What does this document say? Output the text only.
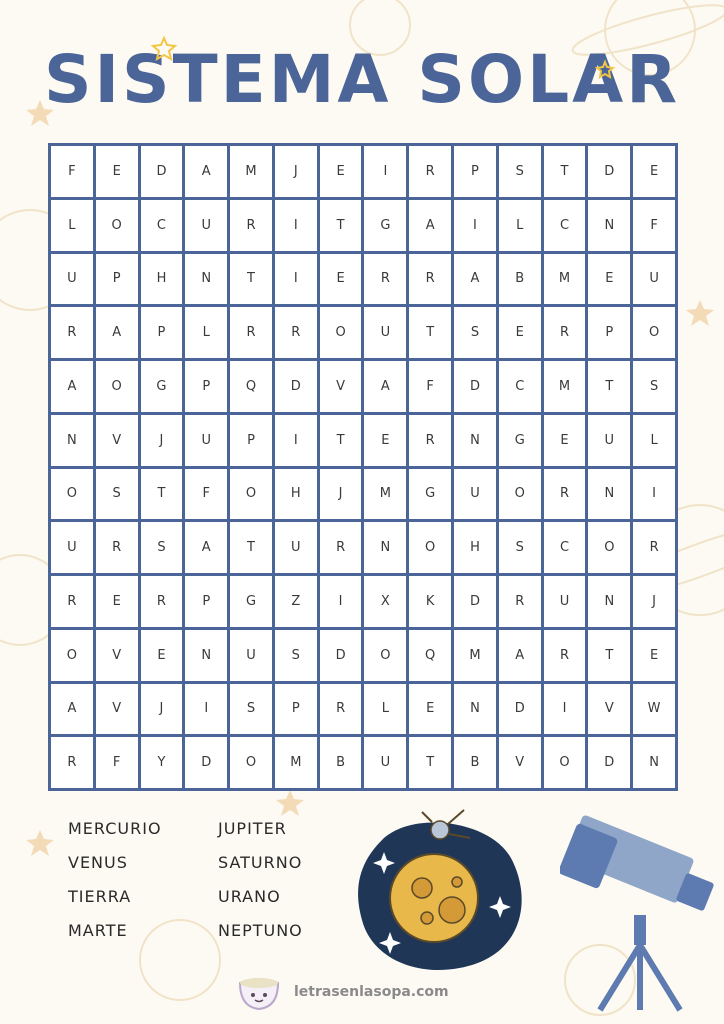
SISTEMA SOLAR
F	E	D	A	M	J	E	I	R	P	S	T	D	E
L	O	C	U	R	I	T	G	A	I	L	C	N	F
U	P	H	N	T	I	E	R	R	A	B	M	E	U
R	A	P	L	R	R	O	U	T	S	E	R	P	O
A	O	G	P	Q	D	V	A	F	D	C	M	T	S
N	V	J	U	P	I	T	E	R	N	G	E	U	L
O	S	T	F	O	H	J	M	G	U	O	R	N	I
U	R	S	A	T	U	R	N	O	H	S	C	O	R
R	E	R	P	G	Z	I	X	K	D	R	U	N	J
O	V	E	N	U	S	D	O	Q	M	A	R	T	E
A	V	J	I	S	P	R	L	E	N	D	I	V	W
R	F	Y	D	O	M	B	U	T	B	V	O	D	N
MERCURIO	JUPITER
VENUS	SATURNO
TIERRA	URANO
MARTE	NEPTUNO
letrasenlasopa.com
